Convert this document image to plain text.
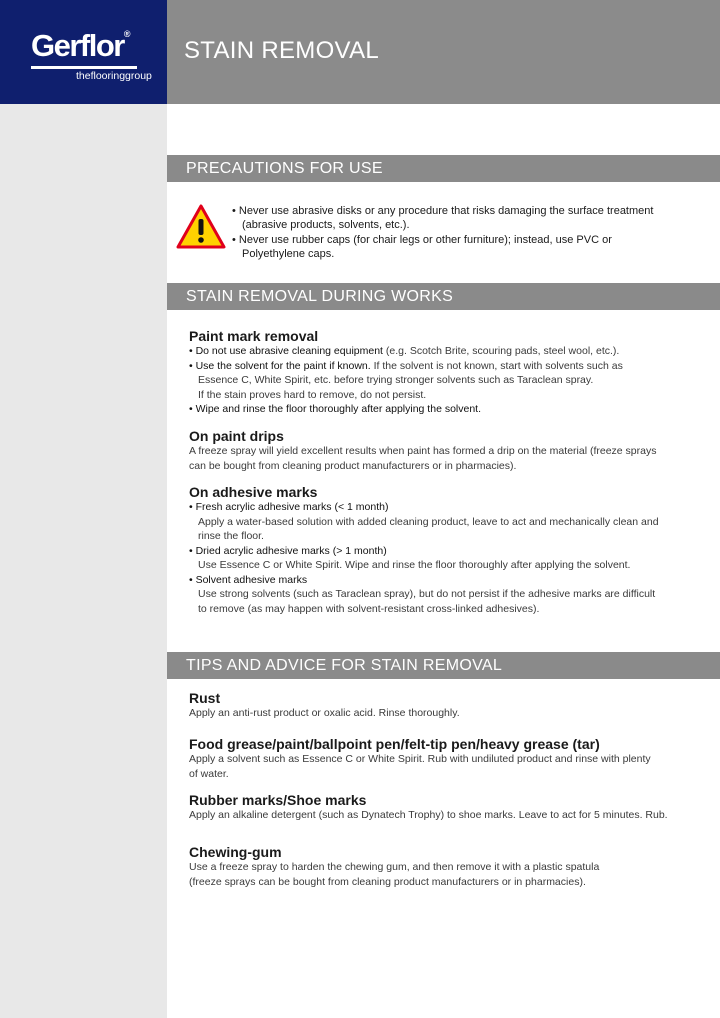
Gerflor®
theflooringgroup
STAIN REMOVAL
PRECAUTIONS FOR USE
• Never use abrasive disks or any procedure that risks damaging the surface treatment (abrasive products, solvents, etc.).
• Never use rubber caps (for chair legs or other furniture); instead, use PVC or Polyethylene caps.
STAIN REMOVAL DURING WORKS
Paint mark removal
• Do not use abrasive cleaning equipment (e.g. Scotch Brite, scouring pads, steel wool, etc.).
• Use the solvent for the paint if known. If the solvent is not known, start with solvents such as
Essence C, White Spirit, etc. before trying stronger solvents such as Taraclean spray.
If the stain proves hard to remove, do not persist.
• Wipe and rinse the floor thoroughly after applying the solvent.
On paint drips
A freeze spray will yield excellent results when paint has formed a drip on the material (freeze sprays
can be bought from cleaning product manufacturers or in pharmacies).
On adhesive marks
• Fresh acrylic adhesive marks (< 1 month)
Apply a water-based solution with added cleaning product, leave to act and mechanically clean and
rinse the floor.
• Dried acrylic adhesive marks (> 1 month)
Use Essence C or White Spirit. Wipe and rinse the floor thoroughly after applying the solvent.
• Solvent adhesive marks
Use strong solvents (such as Taraclean spray), but do not persist if the adhesive marks are difficult
to remove (as may happen with solvent-resistant cross-linked adhesives).
TIPS AND ADVICE FOR STAIN REMOVAL
Rust
Apply an anti-rust product or oxalic acid. Rinse thoroughly.
Food grease/paint/ballpoint pen/felt-tip pen/heavy grease (tar)
Apply a solvent such as Essence C or White Spirit. Rub with undiluted product and rinse with plenty
of water.
Rubber marks/Shoe marks
Apply an alkaline detergent (such as Dynatech Trophy) to shoe marks. Leave to act for 5 minutes. Rub.
Chewing-gum
Use a freeze spray to harden the chewing gum, and then remove it with a plastic spatula
(freeze sprays can be bought from cleaning product manufacturers or in pharmacies).
